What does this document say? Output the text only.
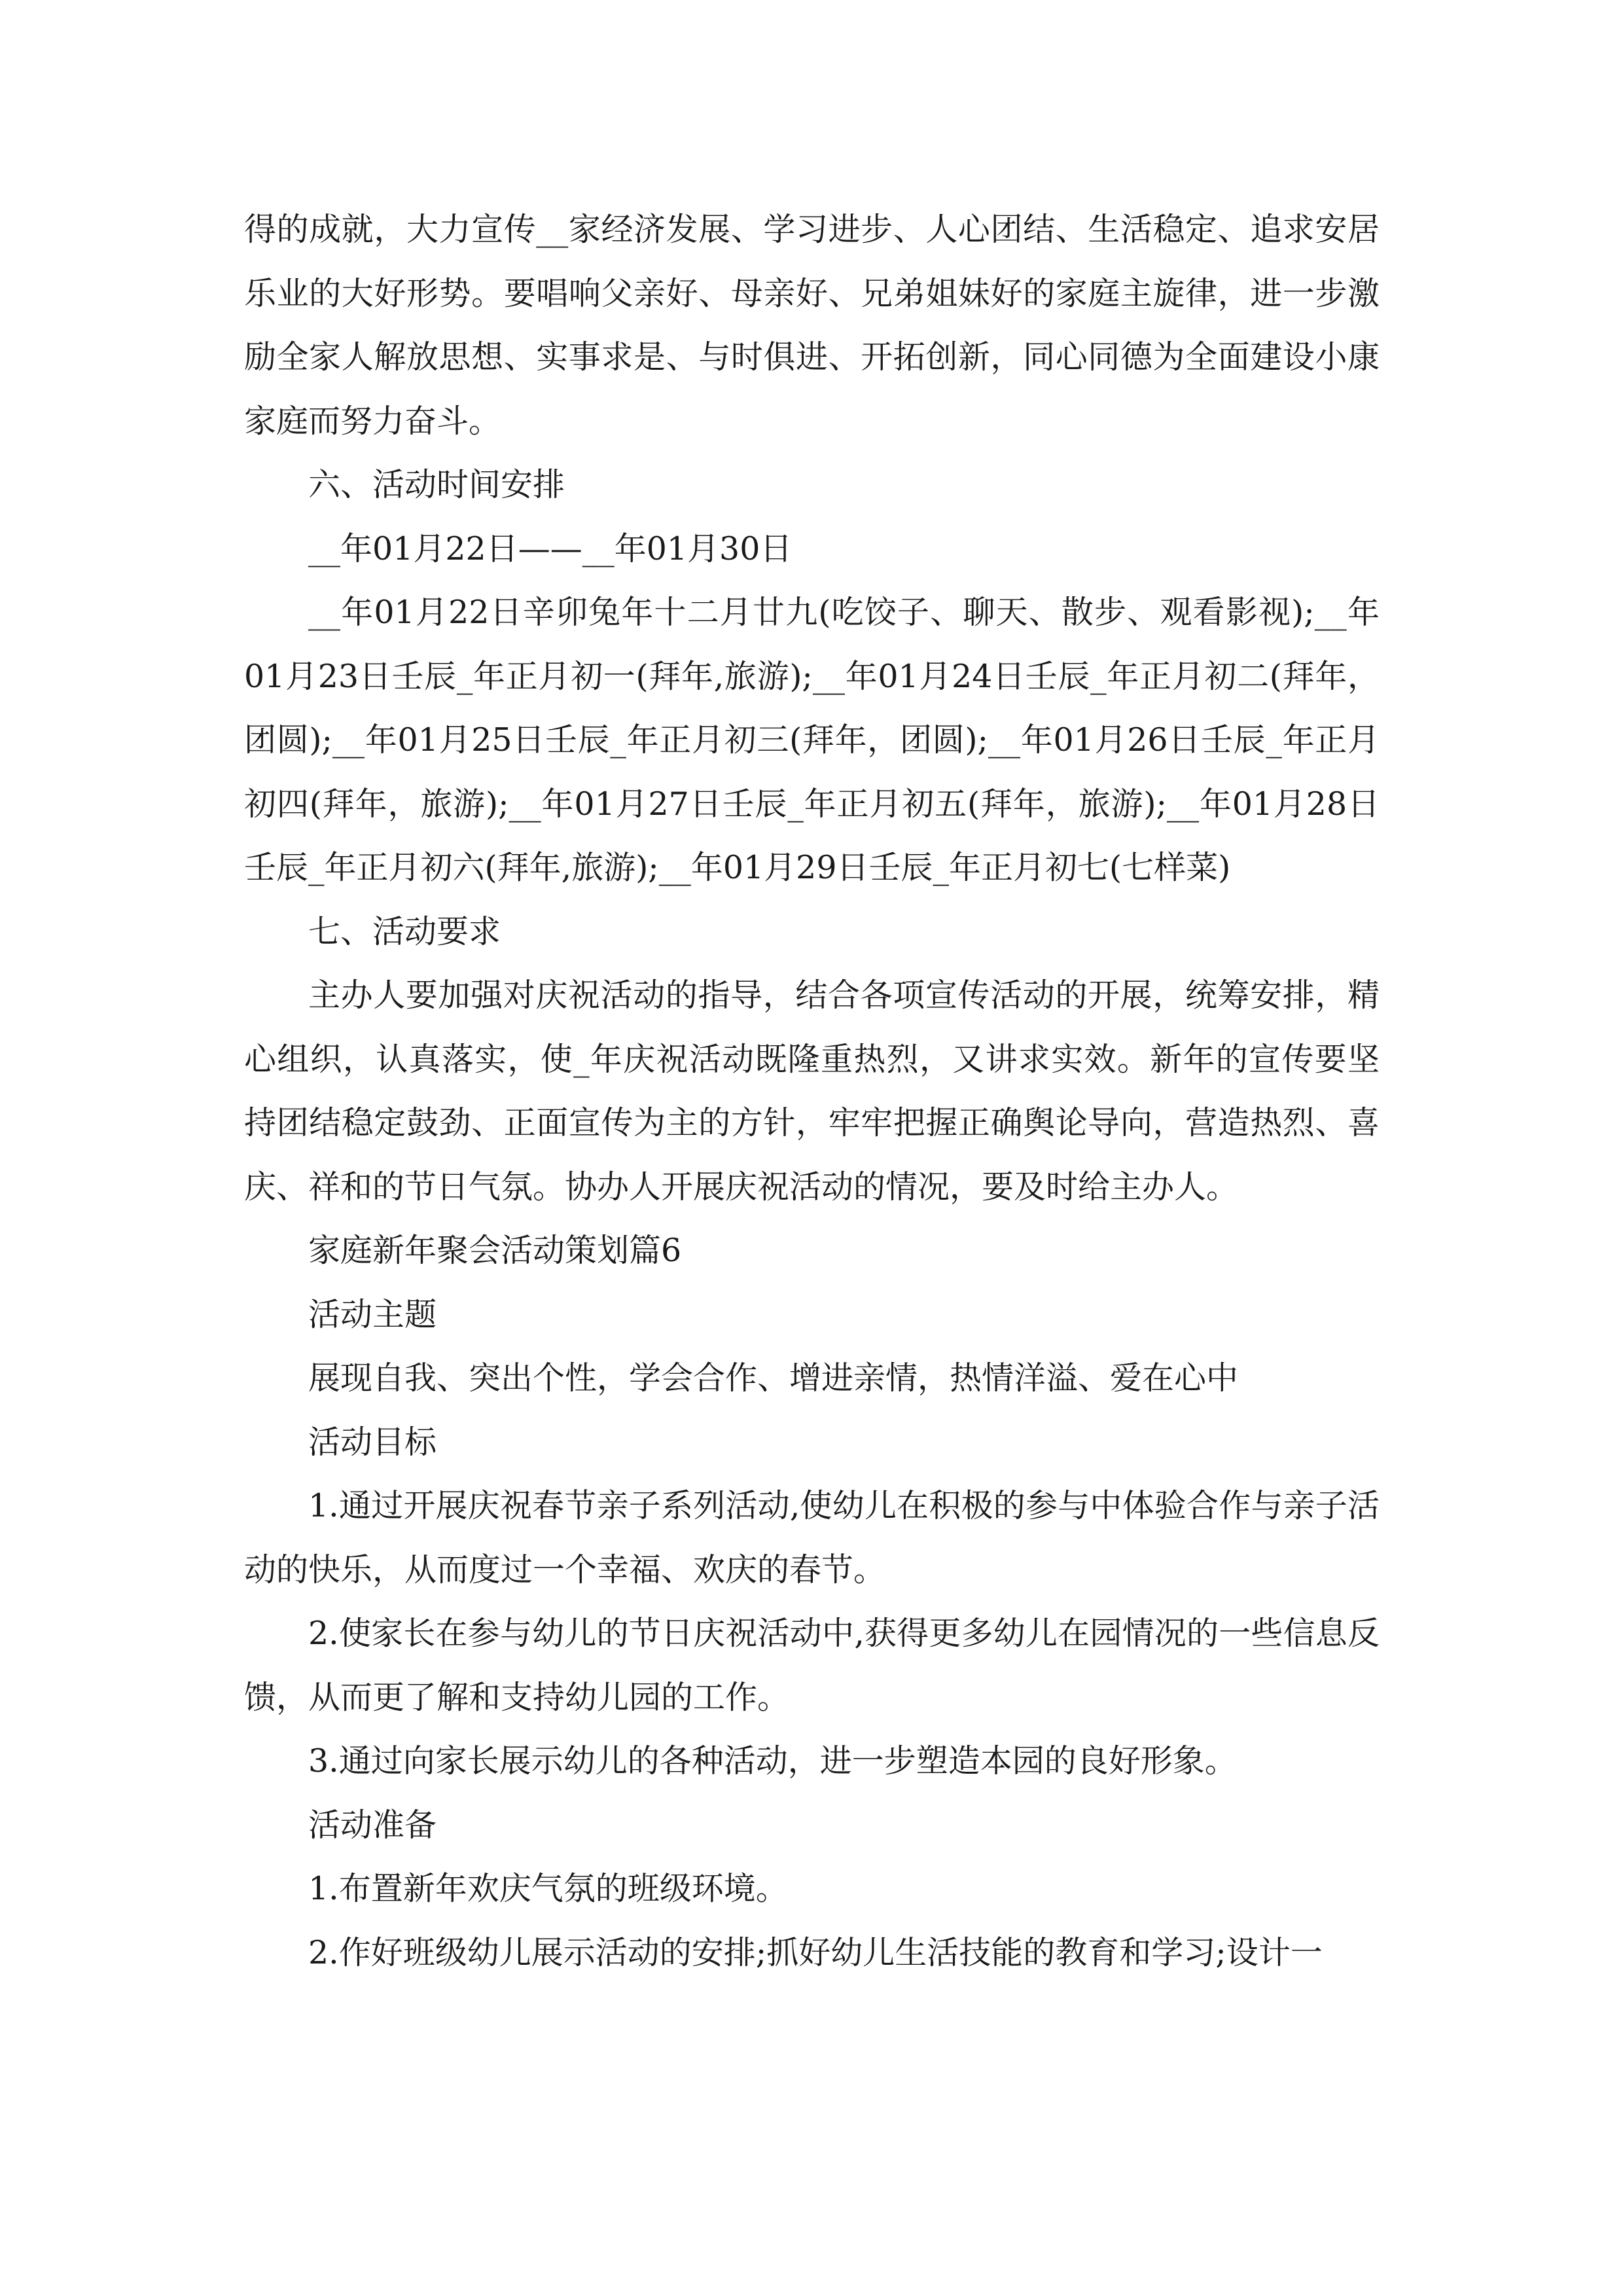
得的成就，大力宣传__家经济发展、学习进步、人心团结、生活稳定、追求安居乐业的大好形势。要唱响父亲好、母亲好、兄弟姐妹好的家庭主旋律，进一步激励全家人解放思想、实事求是、与时俱进、开拓创新，同心同德为全面建设小康家庭而努力奋斗。

六、活动时间安排

__年01月22日——__年01月30日

__年01月22日辛卯兔年十二月廿九(吃饺子、聊天、散步、观看影视);__年01月23日壬辰_年正月初一(拜年,旅游);__年01月24日壬辰_年正月初二(拜年，团圆);__年01月25日壬辰_年正月初三(拜年，团圆);__年01月26日壬辰_年正月初四(拜年，旅游);__年01月27日壬辰_年正月初五(拜年，旅游);__年01月28日壬辰_年正月初六(拜年,旅游);__年01月29日壬辰_年正月初七(七样菜)

七、活动要求

主办人要加强对庆祝活动的指导，结合各项宣传活动的开展，统筹安排，精心组织，认真落实，使_年庆祝活动既隆重热烈，又讲求实效。新年的宣传要坚持团结稳定鼓劲、正面宣传为主的方针，牢牢把握正确舆论导向，营造热烈、喜庆、祥和的节日气氛。协办人开展庆祝活动的情况，要及时给主办人。

家庭新年聚会活动策划篇6

活动主题

展现自我、突出个性，学会合作、增进亲情，热情洋溢、爱在心中

活动目标

1.通过开展庆祝春节亲子系列活动,使幼儿在积极的参与中体验合作与亲子活动的快乐，从而度过一个幸福、欢庆的春节。

2.使家长在参与幼儿的节日庆祝活动中,获得更多幼儿在园情况的一些信息反馈，从而更了解和支持幼儿园的工作。

3.通过向家长展示幼儿的各种活动，进一步塑造本园的良好形象。

活动准备

1.布置新年欢庆气氛的班级环境。

2.作好班级幼儿展示活动的安排;抓好幼儿生活技能的教育和学习;设计一
